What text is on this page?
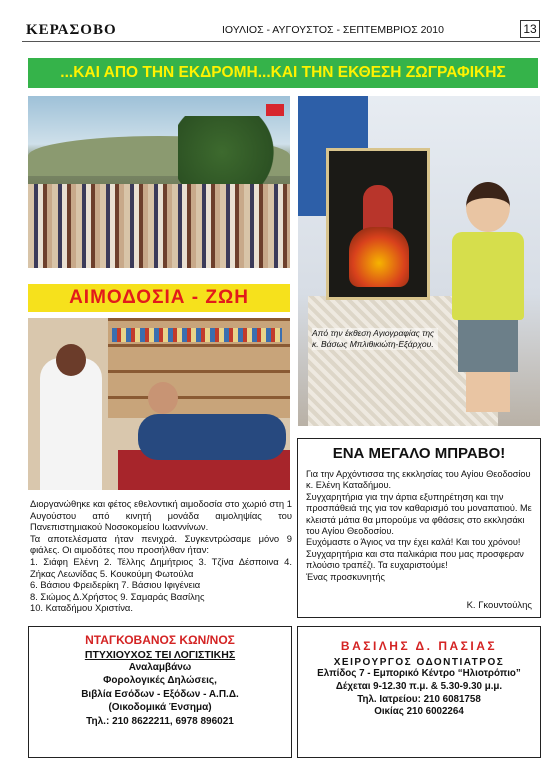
ΚΕΡΑΣΟΒΟ	ΙΟΥΛΙΟΣ - ΑΥΓΟΥΣΤΟΣ - ΣΕΠΤΕΜΒΡΙΟΣ 2010	13
...ΚΑΙ ΑΠΟ ΤΗΝ ΕΚΔΡΟΜΗ...ΚΑΙ ΤΗΝ ΕΚΘΕΣΗ ΖΩΓΡΑΦΙΚΗΣ
Από την έκθεση Αγιογραφίας της κ. Βάσως Μπλιθικιώτη-Εξάρχου.
ΑΙΜΟΔΟΣΙΑ - ΖΩΗ

Διοργανώθηκε και φέτος εθελοντική αιμοδοσία στο χωριό στη 1 Αυγούστου από κινητή μονάδα αιμοληψίας του Πανεπιστημιακού Νοσοκομείου Ιωαννίνων.

Τα αποτελέσματα ήταν πενιχρά. Συγκεντρώσαμε μόνο 9 φιάλες. Οι αιμοδότες που προσήλθαν ήταν:

1. Σιάφη Ελένη 2. Τέλλης Δημήτριος 3. Τζίνα Δέσποινα 4. Ζήκας Λεωνίδας 5. Κουκούμη Φωτούλα

6. Βάσιου Φρειδερίκη 7. Βάσιου Ιφιγένεια

8. Σιώμος Δ.Χρήστος 9. Σαμαράς Βασίλης

10. Καταδήμου Χριστίνα.

ΕΝΑ ΜΕΓΑΛΟ ΜΠΡΑΒΟ!

Για την Αρχόντισσα της εκκλησίας του Αγίου Θεοδοσίου κ. Ελένη Καταδήμου.

Συγχαρητήρια για την άρτια εξυπηρέτηση και την προσπάθειά της για τον καθαρισμό του μοναπατιού. Με κλειστά μάτια θα μπορούμε να φθάσεις στο εκκλησάκι του Αγίου Θεοδοσίου.

Ευχόμαστε ο Άγιος να την έχει καλά! Και του χρόνου!

Συγχαρητήρια και στα παλικάρια που μας προσφεραν πλούσιο τραπέζι. Τα ευχαριστούμε!

Ένας προσκυνητής

Κ. Γκουντούλης
ΝΤΑΓΚΟΒΑΝΟΣ ΚΩΝ/ΝΟΣ
ΠΤΥΧΙΟΥΧΟΣ ΤΕΙ ΛΟΓΙΣΤΙΚΗΣ
Αναλαμβάνω
Φορολογικές Δηλώσεις,
Βιβλία Εσόδων - Εξόδων - Α.Π.Δ.
(Οικοδομικά Ένσημα)
Τηλ.: 210 8622211, 6978 896021
ΒΑΣΙΛΗΣ Δ. ΠΑΣΙΑΣ
ΧΕΙΡΟΥΡΓΟΣ ΟΔΟΝΤΙΑΤΡΟΣ
Ελπίδος 7 - Εμπορικό Κέντρο “Ηλιοτρόπιο”
Δέχεται 9-12.30 π.μ. & 5.30-9.30 μ.μ.
Τηλ. Ιατρείου: 210 6081758
Οικίας 210 6002264
